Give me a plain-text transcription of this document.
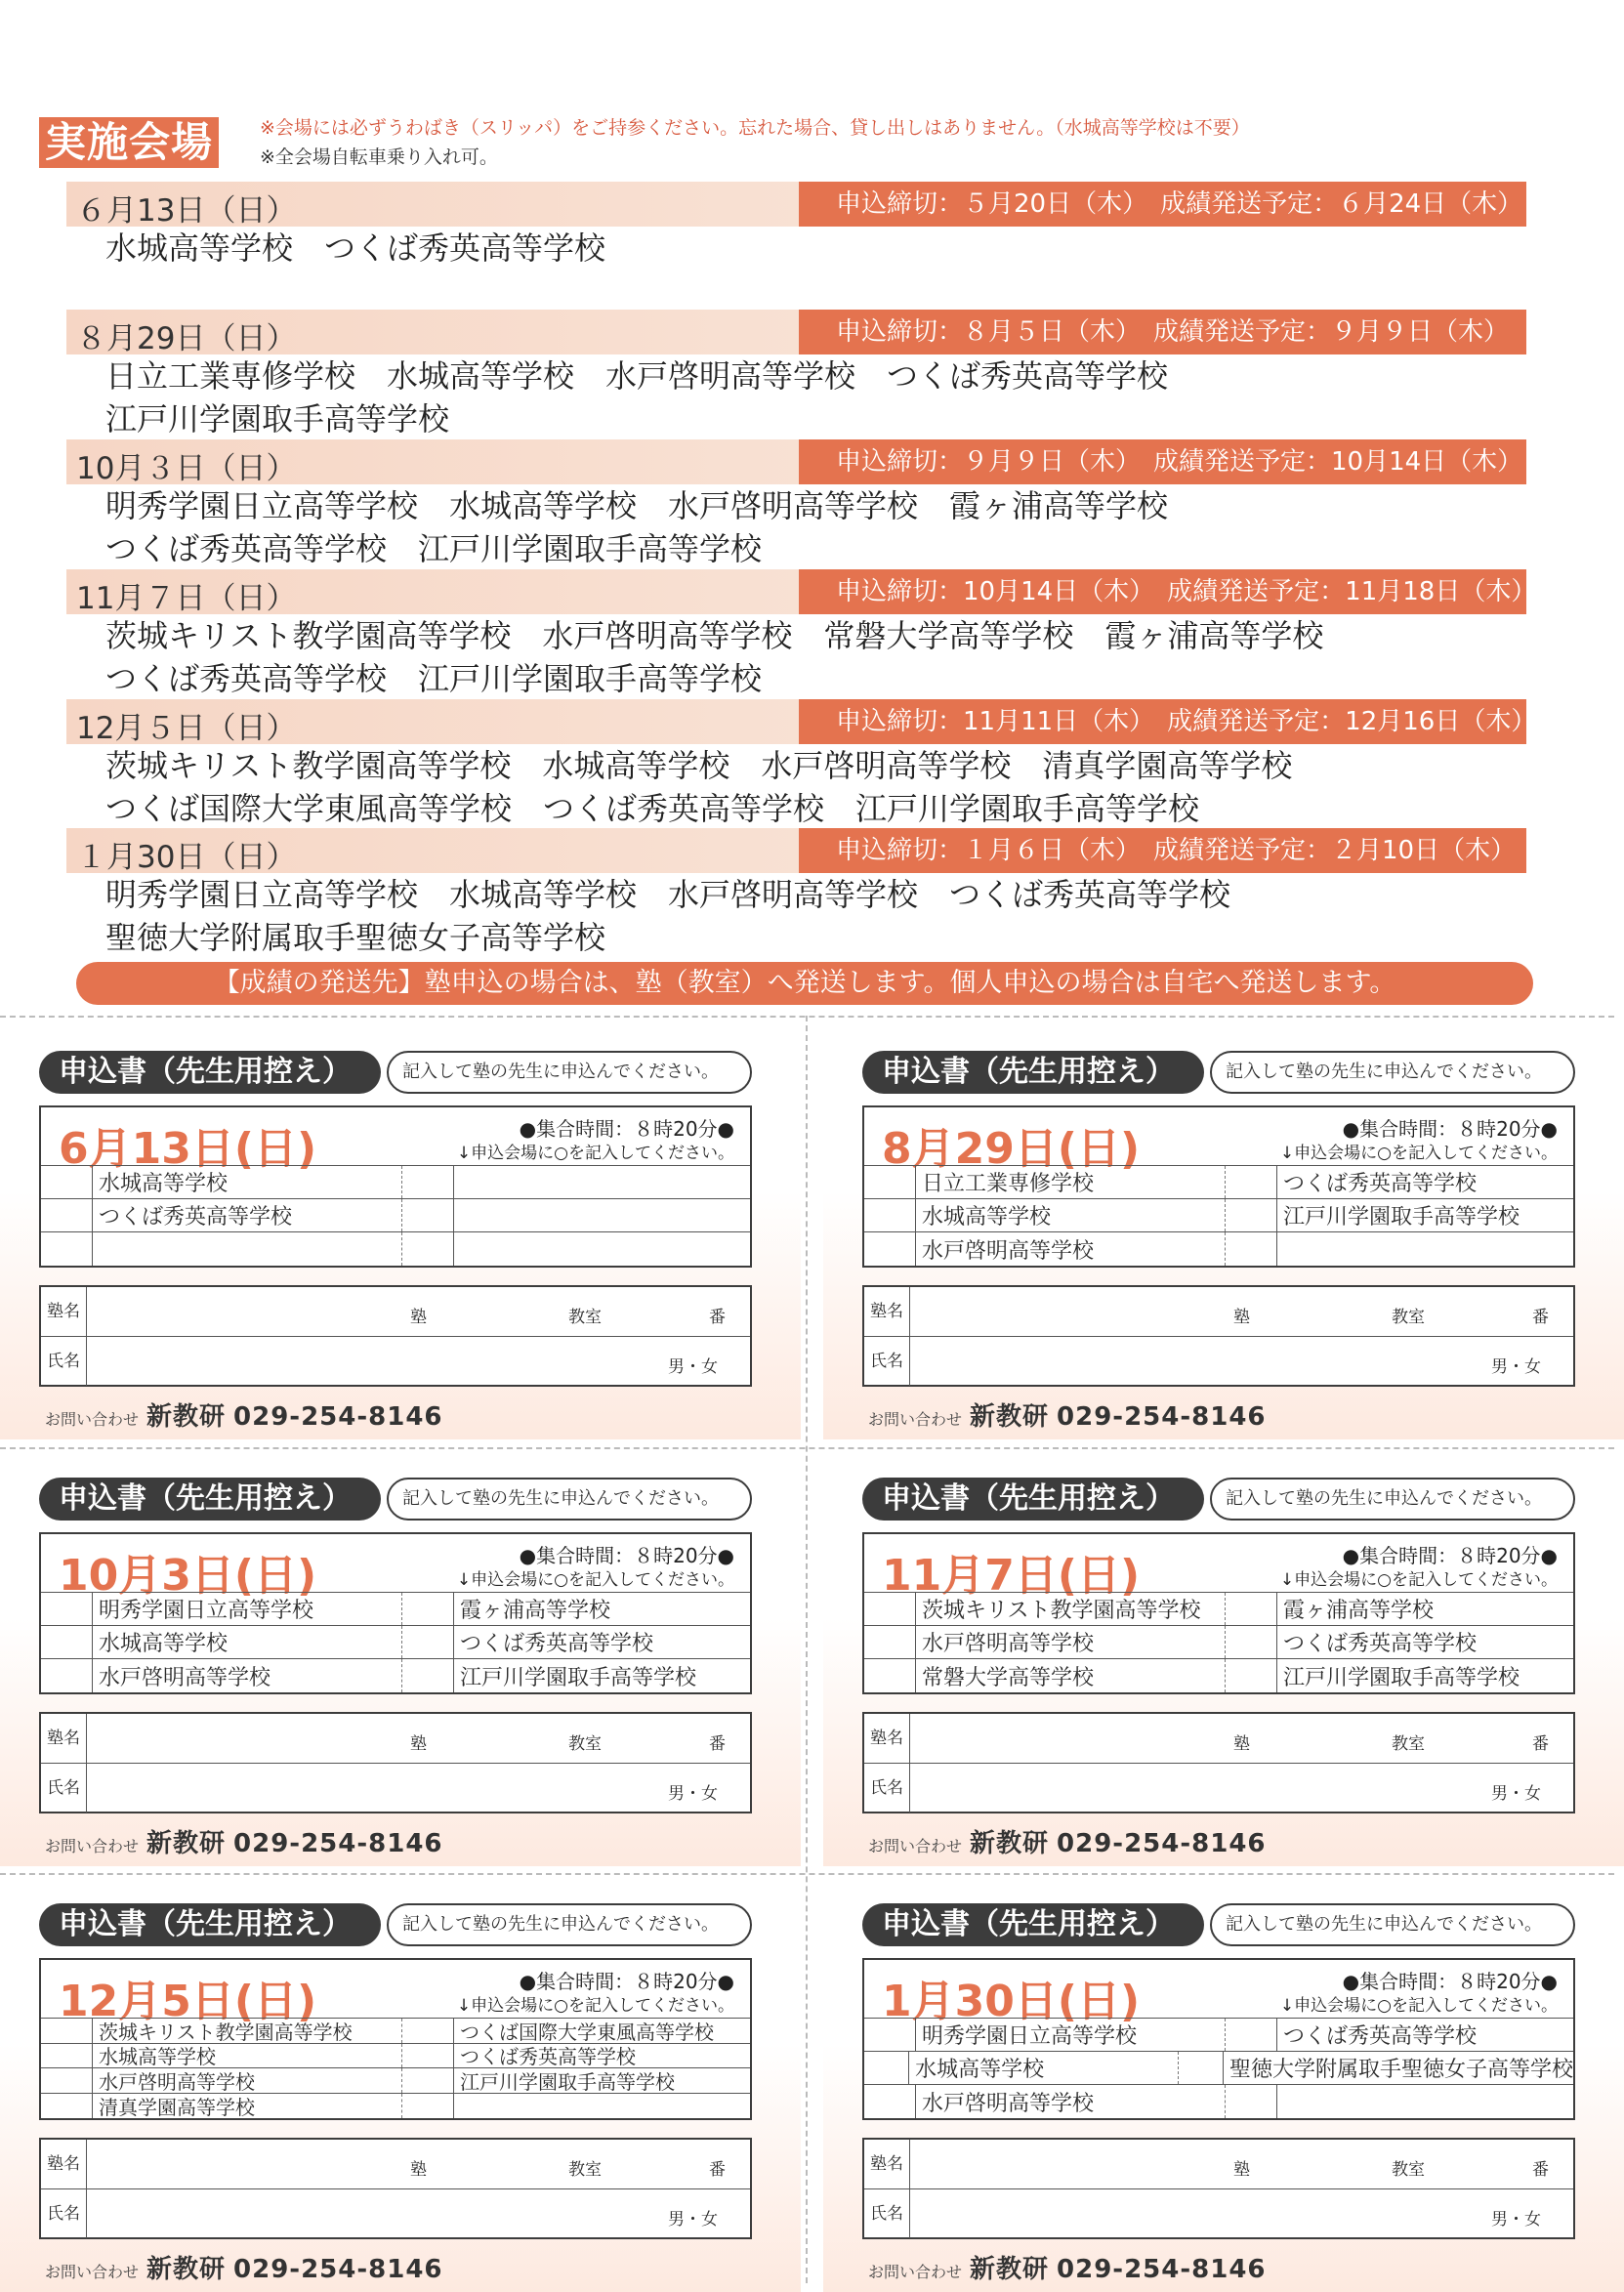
実施会場	※会場には必ずうわばき（スリッパ）をご持参ください。忘れた場合、貸し出しはありません。（水城高等学校は不要）
※全会場自転車乗り入れ可。
６月13日（日）	申込締切：５月20日（木）　成績発送予定：６月24日（木）
水城高等学校　つくば秀英高等学校
８月29日（日）	申込締切：８月５日（木）　成績発送予定：９月９日（木）
日立工業専修学校　水城高等学校　水戸啓明高等学校　つくば秀英高等学校
江戸川学園取手高等学校
10月３日（日）	申込締切：９月９日（木）　成績発送予定：10月14日（木）
明秀学園日立高等学校　水城高等学校　水戸啓明高等学校　霞ヶ浦高等学校
つくば秀英高等学校　江戸川学園取手高等学校
11月７日（日）	申込締切：10月14日（木）　成績発送予定：11月18日（木）
茨城キリスト教学園高等学校　水戸啓明高等学校　常磐大学高等学校　霞ヶ浦高等学校
つくば秀英高等学校　江戸川学園取手高等学校
12月５日（日）	申込締切：11月11日（木）　成績発送予定：12月16日（木）
茨城キリスト教学園高等学校　水城高等学校　水戸啓明高等学校　清真学園高等学校
つくば国際大学東風高等学校　つくば秀英高等学校　江戸川学園取手高等学校
１月30日（日）	申込締切：１月６日（木）　成績発送予定：２月10日（木）
明秀学園日立高等学校　水城高等学校　水戸啓明高等学校　つくば秀英高等学校
聖徳大学附属取手聖徳女子高等学校
【成績の発送先】塾申込の場合は、塾（教室）へ発送します。個人申込の場合は自宅へ発送します。
申込書（先生用控え）	記入して塾の先生に申込んでください。
6月13日(日)	●集合時間：８時20分●
↓申込会場に○を記入してください。
水城高等学校
つくば秀英高等学校
塾名	塾	教室	番
氏名	男・女
お問い合わせ 新教研 029-254-8146
申込書（先生用控え）	記入して塾の先生に申込んでください。
8月29日(日)	●集合時間：８時20分●
↓申込会場に○を記入してください。
日立工業専修学校	つくば秀英高等学校
水城高等学校	江戸川学園取手高等学校
水戸啓明高等学校
塾名	塾	教室	番
氏名	男・女
お問い合わせ 新教研 029-254-8146
申込書（先生用控え）	記入して塾の先生に申込んでください。
10月3日(日)	●集合時間：８時20分●
↓申込会場に○を記入してください。
明秀学園日立高等学校	霞ヶ浦高等学校
水城高等学校	つくば秀英高等学校
水戸啓明高等学校	江戸川学園取手高等学校
塾名	塾	教室	番
氏名	男・女
お問い合わせ 新教研 029-254-8146
申込書（先生用控え）	記入して塾の先生に申込んでください。
11月7日(日)	●集合時間：８時20分●
↓申込会場に○を記入してください。
茨城キリスト教学園高等学校	霞ヶ浦高等学校
水戸啓明高等学校	つくば秀英高等学校
常磐大学高等学校	江戸川学園取手高等学校
塾名	塾	教室	番
氏名	男・女
お問い合わせ 新教研 029-254-8146
申込書（先生用控え）	記入して塾の先生に申込んでください。
12月5日(日)	●集合時間：８時20分●
↓申込会場に○を記入してください。
茨城キリスト教学園高等学校	つくば国際大学東風高等学校
水城高等学校	つくば秀英高等学校
水戸啓明高等学校	江戸川学園取手高等学校
清真学園高等学校
塾名	塾	教室	番
氏名	男・女
お問い合わせ 新教研 029-254-8146
申込書（先生用控え）	記入して塾の先生に申込んでください。
1月30日(日)	●集合時間：８時20分●
↓申込会場に○を記入してください。
明秀学園日立高等学校	つくば秀英高等学校
水城高等学校	聖徳大学附属取手聖徳女子高等学校
水戸啓明高等学校
塾名	塾	教室	番
氏名	男・女
お問い合わせ 新教研 029-254-8146
